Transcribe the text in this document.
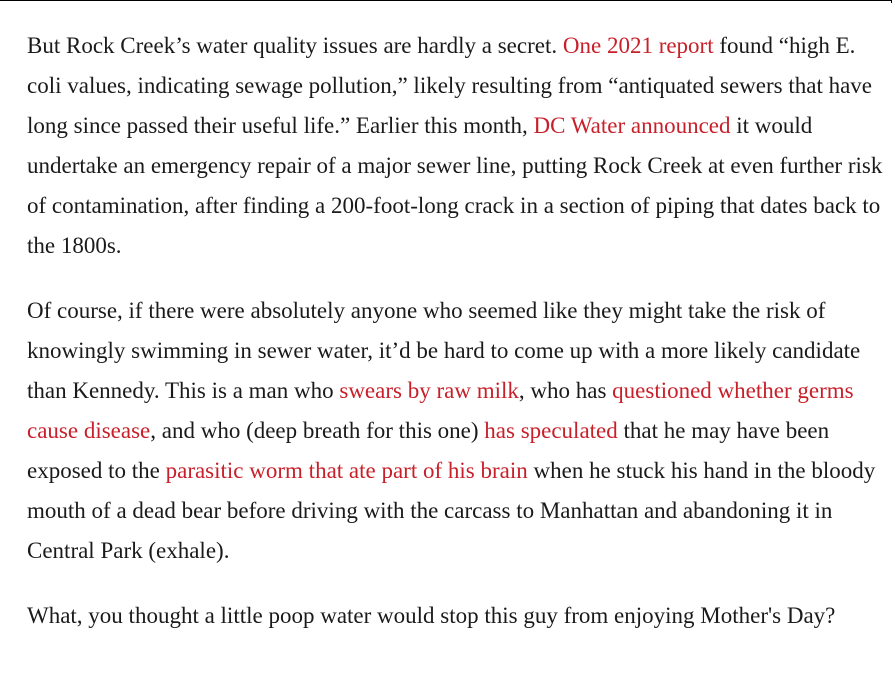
But Rock Creek’s water quality issues are hardly a secret. One 2021 report found “high E. coli values, indicating sewage pollution,” likely resulting from “antiquated sewers that have long since passed their useful life.” Earlier this month, DC Water announced it would undertake an emergency repair of a major sewer line, putting Rock Creek at even further risk of contamination, after finding a 200-foot-long crack in a section of piping that dates back to the 1800s.

Of course, if there were absolutely anyone who seemed like they might take the risk of knowingly swimming in sewer water, it’d be hard to come up with a more likely candidate than Kennedy. This is a man who swears by raw milk, who has questioned whether germs cause disease, and who (deep breath for this one) has speculated that he may have been exposed to the parasitic worm that ate part of his brain when he stuck his hand in the bloody mouth of a dead bear before driving with the carcass to Manhattan and abandoning it in Central Park (exhale).

What, you thought a little poop water would stop this guy from enjoying Mother's Day?
